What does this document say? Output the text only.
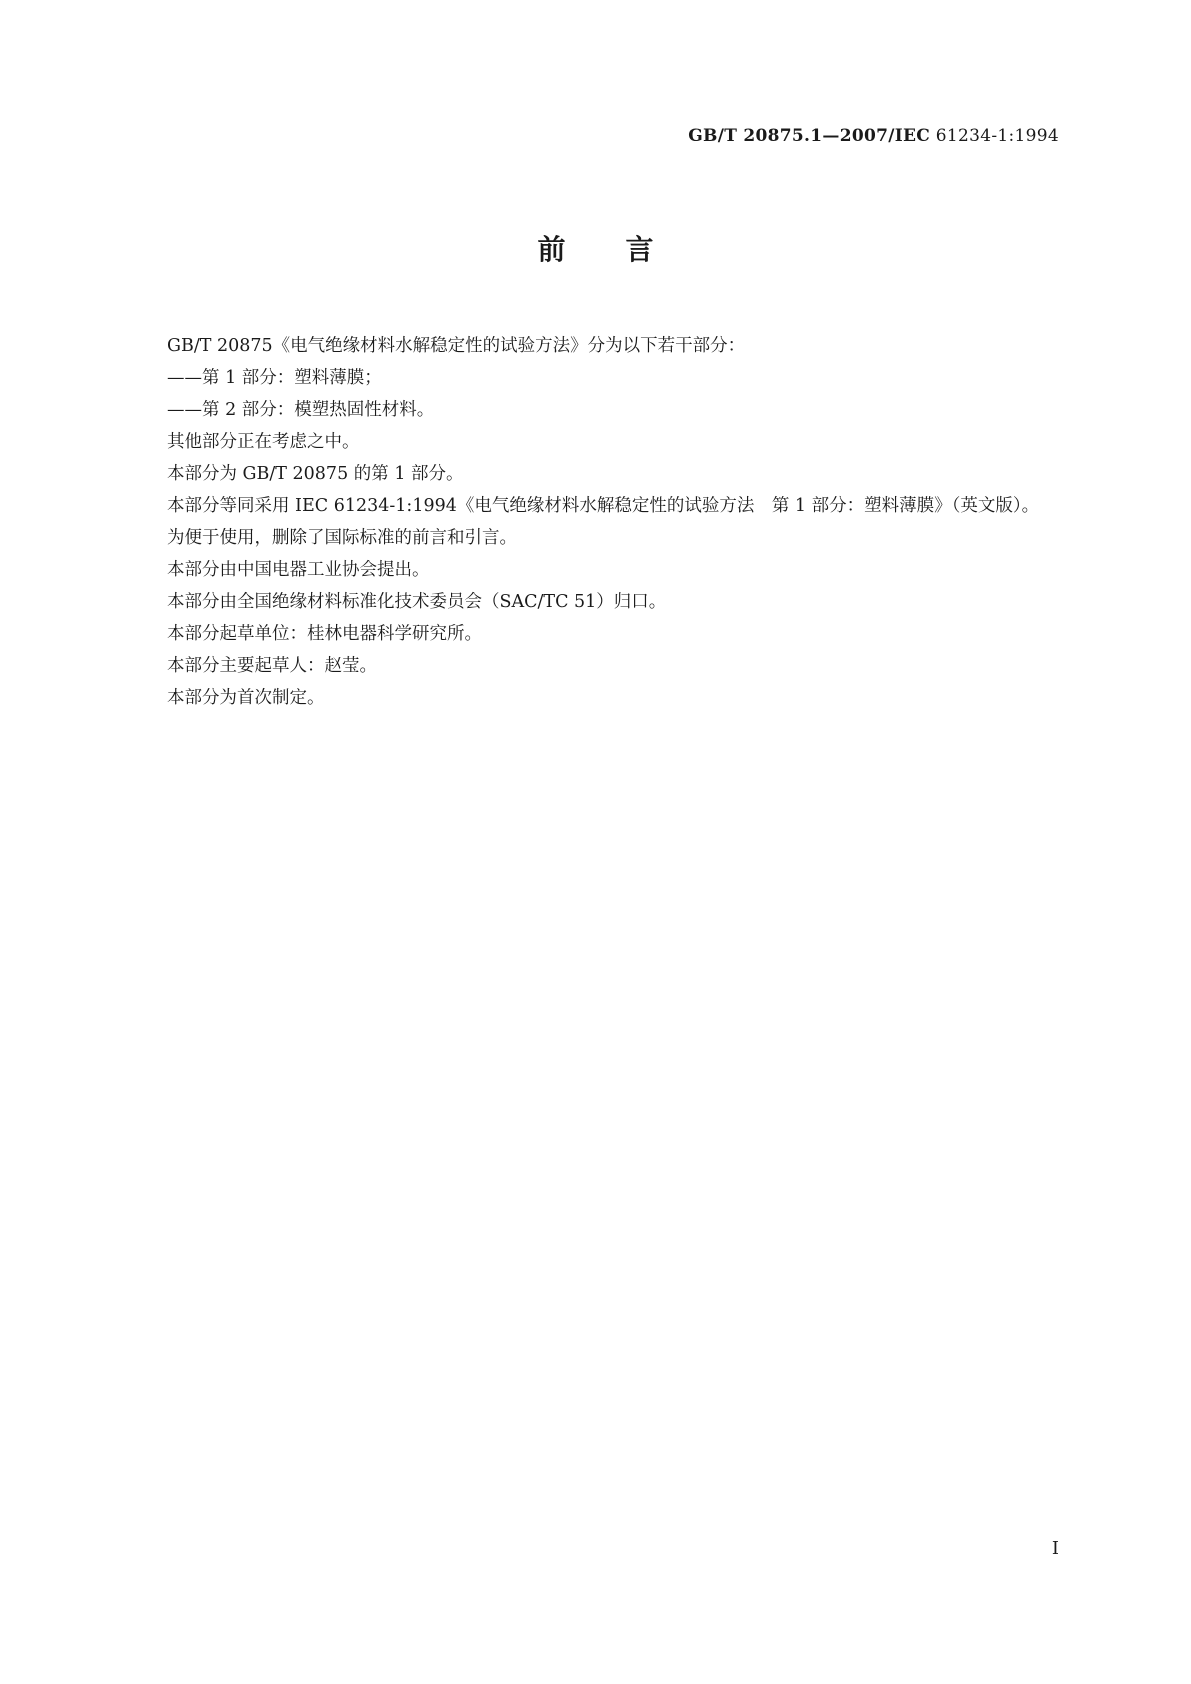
GB/T 20875.1—2007/IEC 61234-1:1994
前言

GB/T 20875《电气绝缘材料水解稳定性的试验方法》分为以下若干部分：

——第 1 部分：塑料薄膜；

——第 2 部分：模塑热固性材料。

其他部分正在考虑之中。

本部分为 GB/T 20875 的第 1 部分。

本部分等同采用 IEC 61234-1:1994《电气绝缘材料水解稳定性的试验方法　第 1 部分：塑料薄膜》（英文版）。

为便于使用，删除了国际标准的前言和引言。

本部分由中国电器工业协会提出。

本部分由全国绝缘材料标准化技术委员会（SAC/TC 51）归口。

本部分起草单位：桂林电器科学研究所。

本部分主要起草人：赵莹。

本部分为首次制定。

I
